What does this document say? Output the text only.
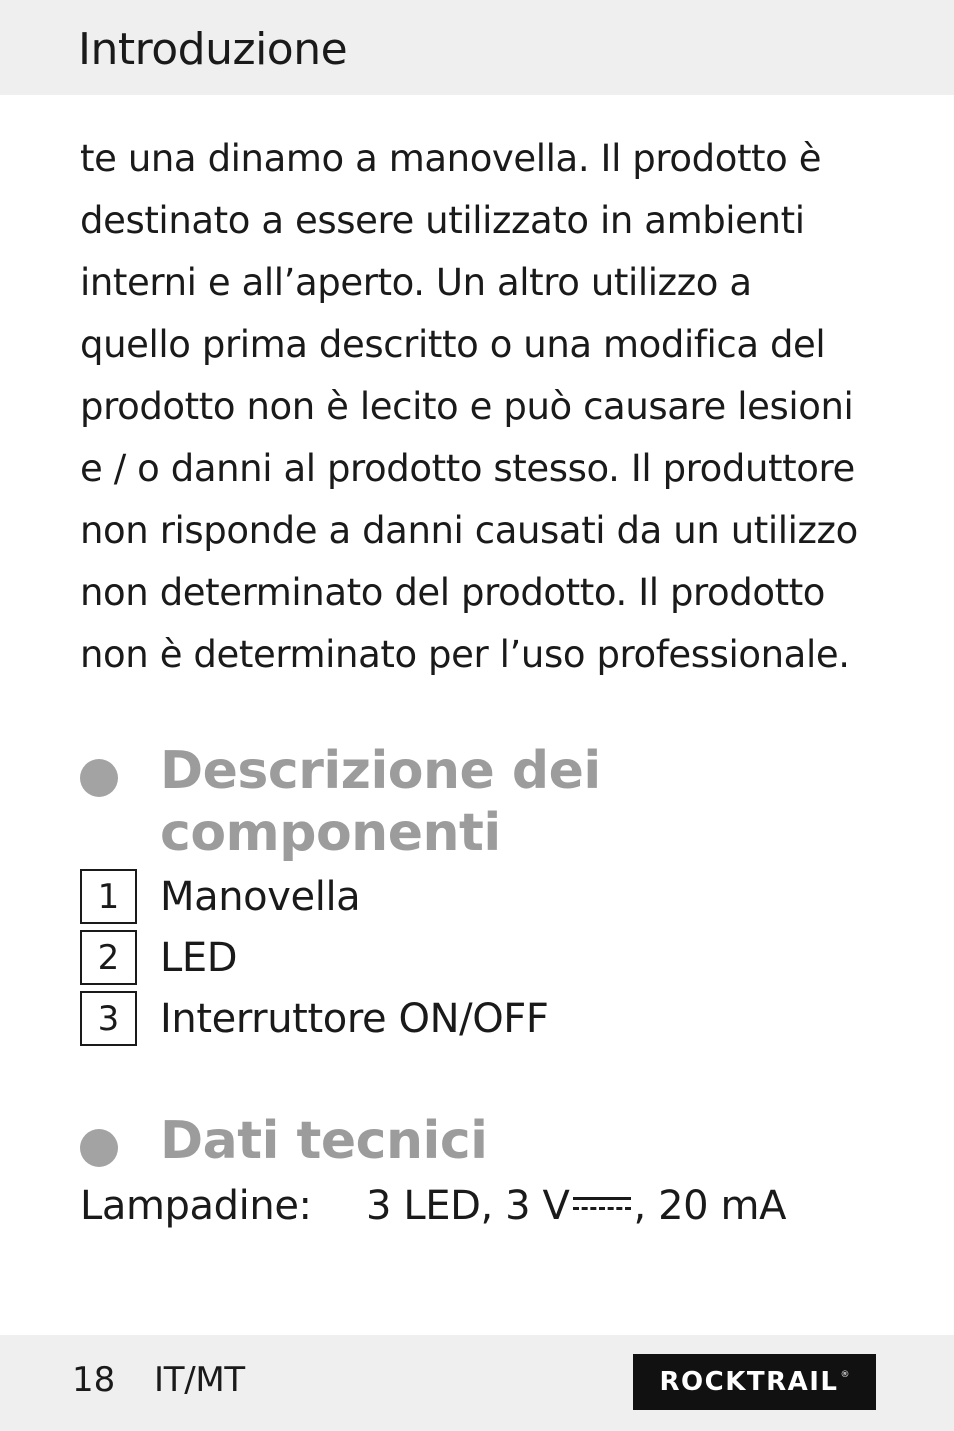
Introduzione
te una dinamo a manovella. Il prodotto è
destinato a essere utilizzato in ambienti
interni e all’aperto. Un altro utilizzo a
quello prima descritto o una modifica del
prodotto non è lecito e può causare lesioni
e / o danni al prodotto stesso. Il produttore
non risponde a danni causati da un utilizzo
non determinato del prodotto. Il prodotto
non è determinato per l’uso professionale.
Descrizione dei
componenti
1	Manovella
2	LED
3	Interruttore ON/OFF
Dati tecnici
Lampadine:	3 LED, 3 V , 20 mA
18 IT/MT	ROCKTRAIL ®
